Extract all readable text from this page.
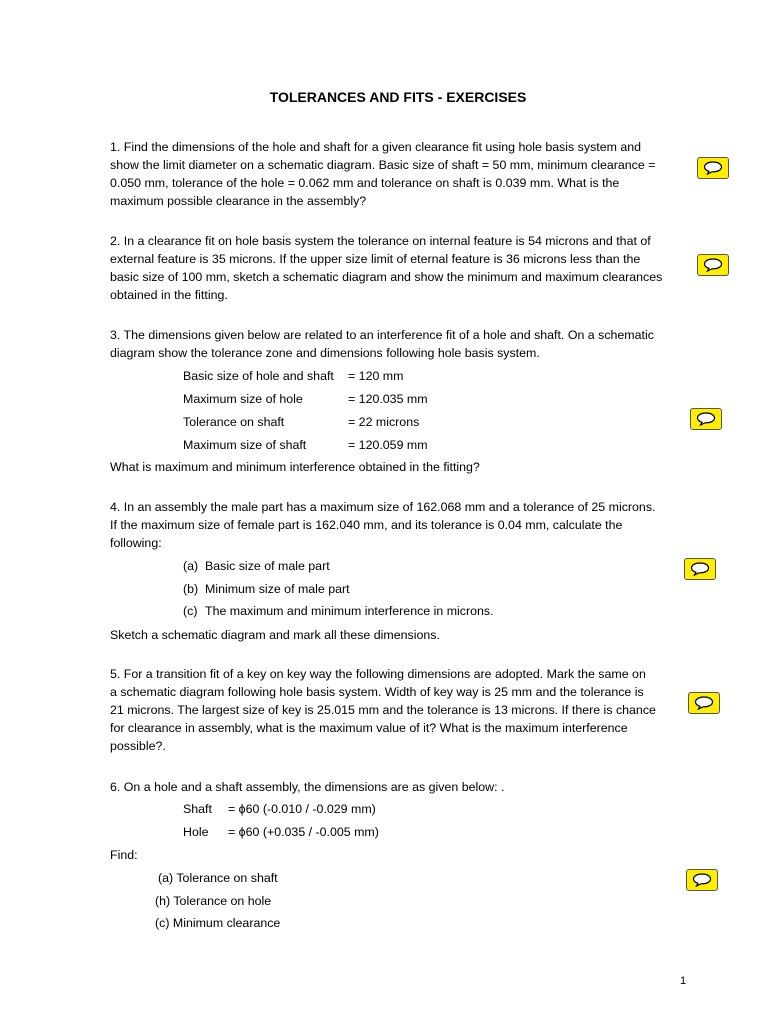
TOLERANCES AND FITS - EXERCISES
1. Find the dimensions of the hole and shaft for a given clearance fit using hole basis system and
show the limit diameter on a schematic diagram. Basic size of shaft = 50 mm, minimum clearance =
0.050 mm, tolerance of the hole = 0.062 mm and tolerance on shaft is 0.039 mm. What is the
maximum possible clearance in the assembly?
2. In a clearance fit on hole basis system the tolerance on internal feature is 54 microns and that of
external feature is 35 microns. If the upper size limit of eternal feature is 36 microns less than the
basic size of 100 mm, sketch a schematic diagram and show the minimum and maximum clearances
obtained in the fitting.
3. The dimensions given below are related to an interference fit of a hole and shaft. On a schematic
diagram show the tolerance zone and dimensions following hole basis system.
Basic size of hole and shaft = 120 mm
Maximum size of hole	= 120.035 mm
Tolerance on shaft	= 22 microns
Maximum size of shaft	= 120.059 mm
What is maximum and minimum interference obtained in the fitting?
4. In an assembly the male part has a maximum size of 162.068 mm and a tolerance of 25 microns.
If the maximum size of female part is 162.040 mm, and its tolerance is 0.04 mm, calculate the
following:
(a) Basic size of male part
(b) Minimum size of male part
(c) The maximum and minimum interference in microns.
Sketch a schematic diagram and mark all these dimensions.
5. For a transition fit of a key on key way the following dimensions are adopted. Mark the same on
a schematic diagram following hole basis system. Width of key way is 25 mm and the tolerance is
21 microns. The largest size of key is 25.015 mm and the tolerance is 13 microns. If there is chance
for clearance in assembly, what is the maximum value of it? What is the maximum interference
possible?.
6. On a hole and a shaft assembly, the dimensions are as given below: .
Shaft = ϕ60 (-0.010 / -0.029 mm)
Hole = ϕ60 (+0.035 / -0.005 mm)
Find:
(a) Tolerance on shaft
(h) Tolerance on hole
(c) Minimum clearance
1
